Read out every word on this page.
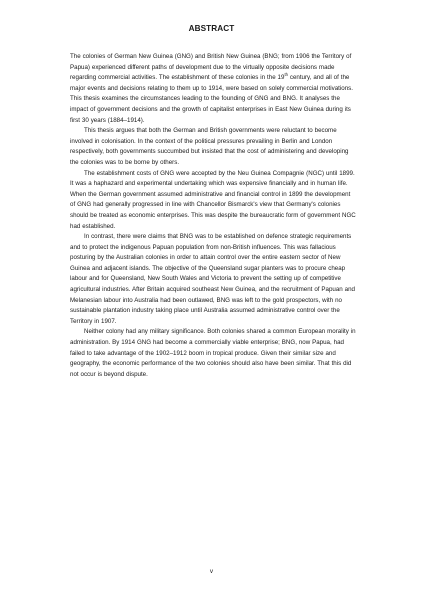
ABSTRACT

The colonies of German New Guinea (GNG) and British New Guinea (BNG; from 1906 the Territory of Papua) experienced different paths of development due to the virtually opposite decisions made regarding commercial activities. The establishment of these colonies in the 19th century, and all of the major events and decisions relating to them up to 1914, were based on solely commercial motivations. This thesis examines the circumstances leading to the founding of GNG and BNG. It analyses the impact of government decisions and the growth of capitalist enterprises in East New Guinea during its first 30 years (1884–1914).

This thesis argues that both the German and British governments were reluctant to become involved in colonisation. In the context of the political pressures prevailing in Berlin and London respectively, both governments succumbed but insisted that the cost of administering and developing the colonies was to be borne by others.

The establishment costs of GNG were accepted by the Neu Guinea Compagnie (NGC) until 1899. It was a haphazard and experimental undertaking which was expensive financially and in human life. When the German government assumed administrative and financial control in 1899 the development of GNG had generally progressed in line with Chancellor Bismarck's view that Germany's colonies should be treated as economic enterprises. This was despite the bureaucratic form of government NGC had established.

In contrast, there were claims that BNG was to be established on defence strategic requirements and to protect the indigenous Papuan population from non-British influences. This was fallacious posturing by the Australian colonies in order to attain control over the entire eastern sector of New Guinea and adjacent islands. The objective of the Queensland sugar planters was to procure cheap labour and for Queensland, New South Wales and Victoria to prevent the setting up of competitive agricultural industries. After Britain acquired southeast New Guinea, and the recruitment of Papuan and Melanesian labour into Australia had been outlawed, BNG was left to the gold prospectors, with no sustainable plantation industry taking place until Australia assumed administrative control over the Territory in 1907.

Neither colony had any military significance. Both colonies shared a common European morality in administration. By 1914 GNG had become a commercially viable enterprise; BNG, now Papua, had failed to take advantage of the 1902–1912 boom in tropical produce. Given their similar size and geography, the economic performance of the two colonies should also have been similar. That this did not occur is beyond dispute.

v
